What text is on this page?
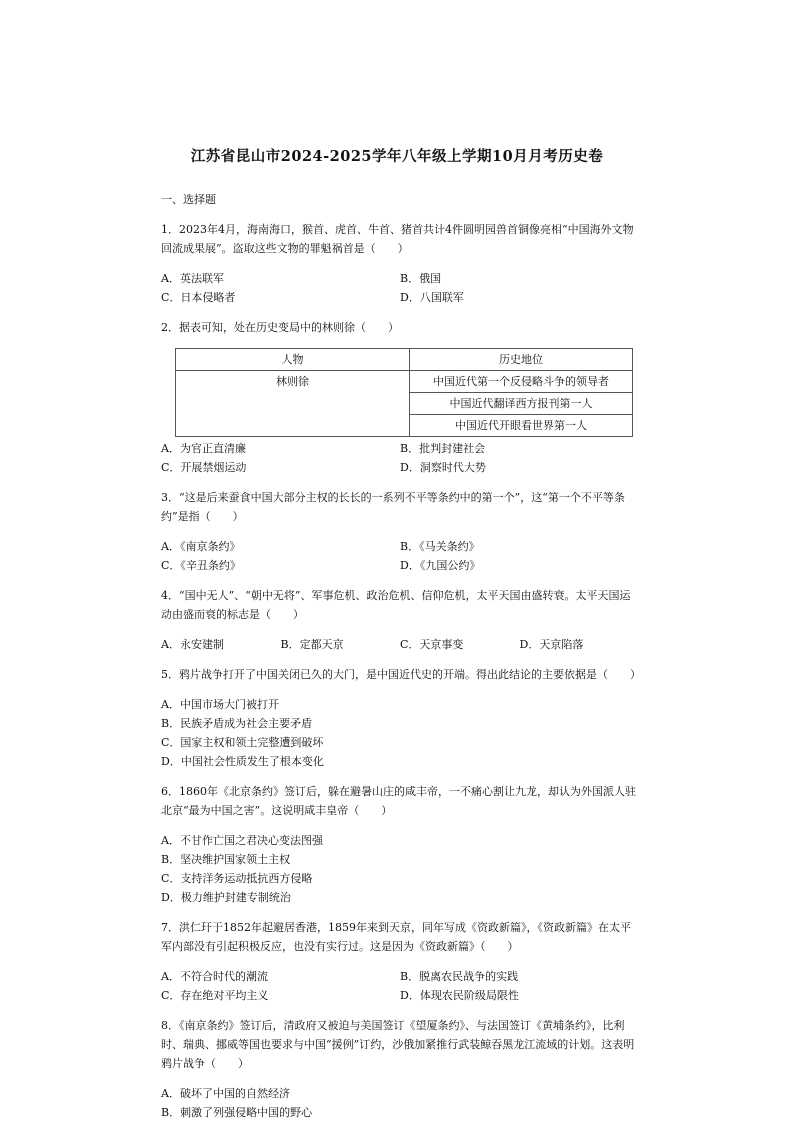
江苏省昆山市2024-2025学年八年级上学期10月月考历史卷

一、选择题

1．2023年4月，海南海口，猴首、虎首、牛首、猪首共计4件圆明园兽首铜像亮相“中国海外文物回流成果展”。盗取这些文物的罪魁祸首是（　　）

A．英法联军	B．俄国
C．日本侵略者	D．八国联军

2．据表可知，处在历史变局中的林则徐（　　）

人物	历史地位
林则徐	中国近代第一个反侵略斗争的领导者
	中国近代翻译西方报刊第一人
	中国近代开眼看世界第一人
A．为官正直清廉	B．批判封建社会
C．开展禁烟运动	D．洞察时代大势

3．“这是后来蚕食中国大部分主权的长长的一系列不平等条约中的第一个”，这“第一个不平等条约”是指（　　）

A．《南京条约》	B．《马关条约》
C．《辛丑条约》	D．《九国公约》

4．“国中无人”、“朝中无将”、军事危机、政治危机、信仰危机，太平天国由盛转衰。太平天国运动由盛而衰的标志是（　　）

A．永安建制	B．定都天京	C．天京事变	D．天京陷落

5．鸦片战争打开了中国关闭已久的大门，是中国近代史的开端。得出此结论的主要依据是（　　）

A．中国市场大门被打开

B．民族矛盾成为社会主要矛盾

C．国家主权和领土完整遭到破坏

D．中国社会性质发生了根本变化

6．1860年《北京条约》签订后，躲在避暑山庄的咸丰帝，一不痛心割让九龙，却认为外国派人驻北京“最为中国之害”。这说明咸丰皇帝（　　）

A．不甘作亡国之君决心变法图强

B．坚决维护国家领土主权

C．支持洋务运动抵抗西方侵略

D．极力维护封建专制统治

7．洪仁玕于1852年起避居香港，1859年来到天京，同年写成《资政新篇》，《资政新篇》在太平军内部没有引起积极反应，也没有实行过。这是因为《资政新篇》（　　）

A．不符合时代的潮流	B．脱离农民战争的实践
C．存在绝对平均主义	D．体现农民阶级局限性

8．《南京条约》签订后，清政府又被迫与美国签订《望厦条约》、与法国签订《黄埔条约》，比利时、瑞典、挪威等国也要求与中国“援例”订约，沙俄加紧推行武装鲸吞黑龙江流域的计划。这表明鸦片战争（　　）

A．破坏了中国的自然经济

B．刺激了列强侵略中国的野心
